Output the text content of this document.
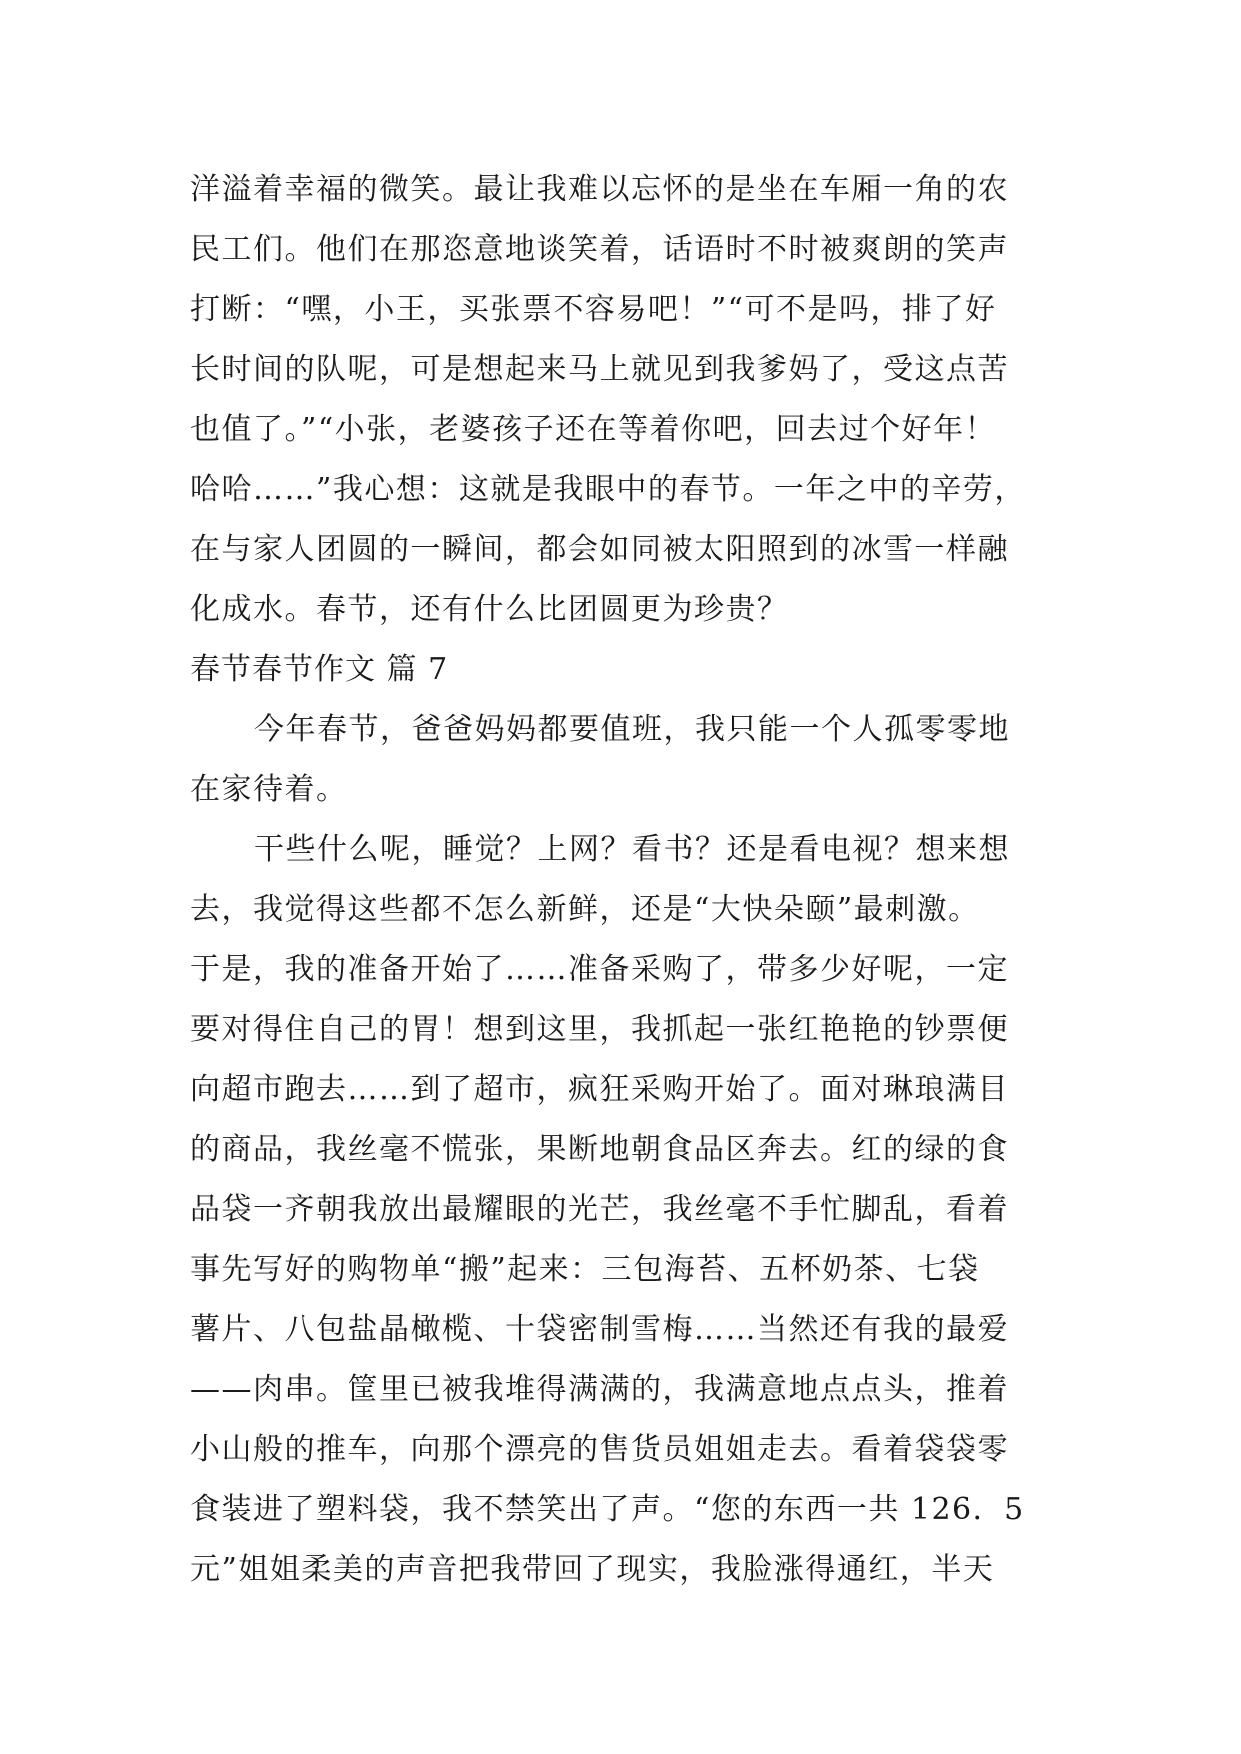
洋溢着幸福的微笑。最让我难以忘怀的是坐在车厢一角的农
民工们。他们在那恣意地谈笑着，话语时不时被爽朗的笑声
打断：“嘿，小王，买张票不容易吧！”“可不是吗，排了好
长时间的队呢，可是想起来马上就见到我爹妈了，受这点苦
也值了。”“小张，老婆孩子还在等着你吧，回去过个好年！
哈哈……”我心想：这就是我眼中的春节。一年之中的辛劳，
在与家人团圆的一瞬间，都会如同被太阳照到的冰雪一样融
化成水。春节，还有什么比团圆更为珍贵？
春节春节作文 篇 7
今年春节，爸爸妈妈都要值班，我只能一个人孤零零地
在家待着。
干些什么呢，睡觉？上网？看书？还是看电视？想来想
去，我觉得这些都不怎么新鲜，还是“大快朵颐”最刺激。
于是，我的准备开始了……准备采购了，带多少好呢，一定
要对得住自己的胃！想到这里，我抓起一张红艳艳的钞票便
向超市跑去……到了超市，疯狂采购开始了。面对琳琅满目
的商品，我丝毫不慌张，果断地朝食品区奔去。红的绿的食
品袋一齐朝我放出最耀眼的光芒，我丝毫不手忙脚乱，看着
事先写好的购物单“搬”起来：三包海苔、五杯奶茶、七袋
薯片、八包盐晶橄榄、十袋密制雪梅……当然还有我的最爱
——肉串。筐里已被我堆得满满的，我满意地点点头，推着
小山般的推车，向那个漂亮的售货员姐姐走去。看着袋袋零
食装进了塑料袋，我不禁笑出了声。“您的东西一共 126．5
元”姐姐柔美的声音把我带回了现实，我脸涨得通红，半天
